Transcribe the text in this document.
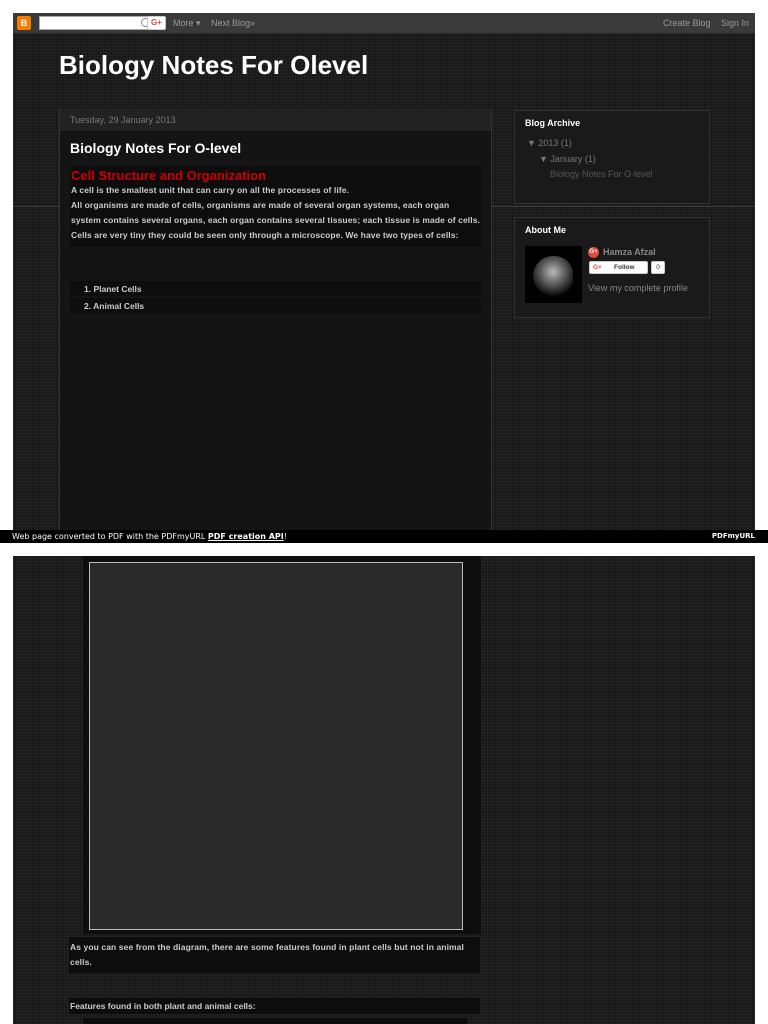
B	G+	More ▾ Next Blog»	Create Blog Sign In
Biology Notes For Olevel
Tuesday, 29 January 2013
Biology Notes For O-level
Cell Structure and Organization

A cell is the smallest unit that can carry on all the processes of life.

All organisms are made of cells, organisms are made of several organ systems, each organ system contains several organs, each organ contains several tissues; each tissue is made of cells. Cells are very tiny they could be seen only through a microscope. We have two types of cells:

1. Planet Cells
2. Animal Cells
Blog Archive
▼ 2013 (1)
▼ January (1)
Biology Notes For O-level
About Me
G+ Hamza Afzal
G+ Follow	0
View my complete profile
Web page converted to PDF with the PDFmyURL PDF creation API!	PDFmyURL

As you can see from the diagram, there are some features found in plant cells but not in animal cells.

Features found in both plant and animal cells:
